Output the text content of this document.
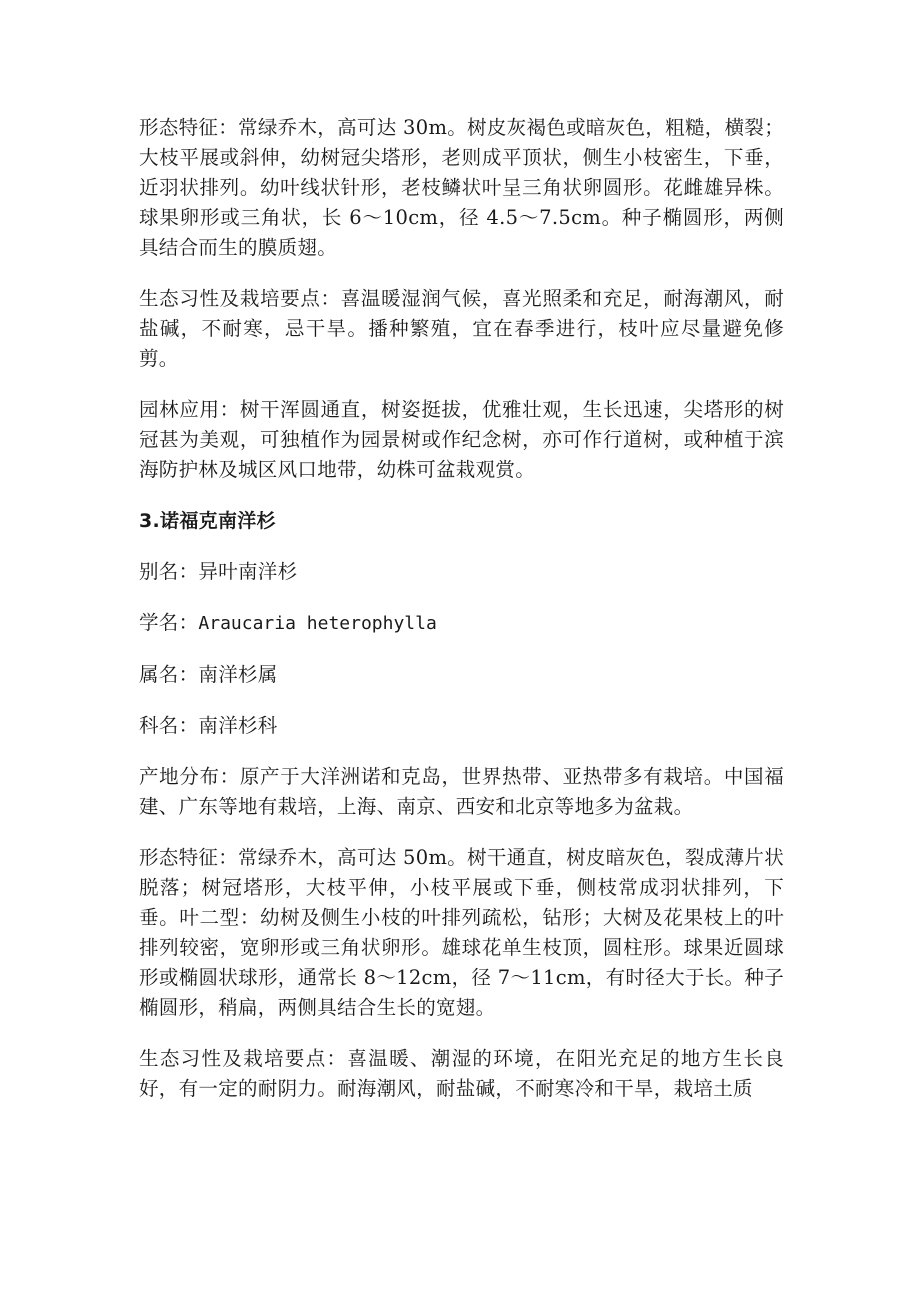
形态特征：常绿乔木，高可达 30m。树皮灰褐色或暗灰色，粗糙，横裂；大枝平展或斜伸，幼树冠尖塔形，老则成平顶状，侧生小枝密生，下垂，近羽状排列。幼叶线状针形，老枝鳞状叶呈三角状卵圆形。花雌雄异株。球果卵形或三角状，长 6～10cm，径 4.5～7.5cm。种子椭圆形，两侧具结合而生的膜质翅。

生态习性及栽培要点：喜温暖湿润气候，喜光照柔和充足，耐海潮风，耐盐碱，不耐寒，忌干旱。播种繁殖，宜在春季进行，枝叶应尽量避免修剪。

园林应用：树干浑圆通直，树姿挺拔，优雅壮观，生长迅速，尖塔形的树冠甚为美观，可独植作为园景树或作纪念树，亦可作行道树，或种植于滨海防护林及城区风口地带，幼株可盆栽观赏。

3.诺福克南洋杉

别名：异叶南洋杉

学名：Araucaria heterophylla

属名：南洋杉属

科名：南洋杉科

产地分布：原产于大洋洲诺和克岛，世界热带、亚热带多有栽培。中国福建、广东等地有栽培，上海、南京、西安和北京等地多为盆栽。

形态特征：常绿乔木，高可达 50m。树干通直，树皮暗灰色，裂成薄片状脱落；树冠塔形，大枝平伸，小枝平展或下垂，侧枝常成羽状排列，下垂。叶二型：幼树及侧生小枝的叶排列疏松，钻形；大树及花果枝上的叶排列较密，宽卵形或三角状卵形。雄球花单生枝顶，圆柱形。球果近圆球形或椭圆状球形，通常长 8～12cm，径 7～11cm，有时径大于长。种子椭圆形，稍扁，两侧具结合生长的宽翅。

生态习性及栽培要点：喜温暖、潮湿的环境，在阳光充足的地方生长良好，有一定的耐阴力。耐海潮风，耐盐碱，不耐寒冷和干旱，栽培土质
